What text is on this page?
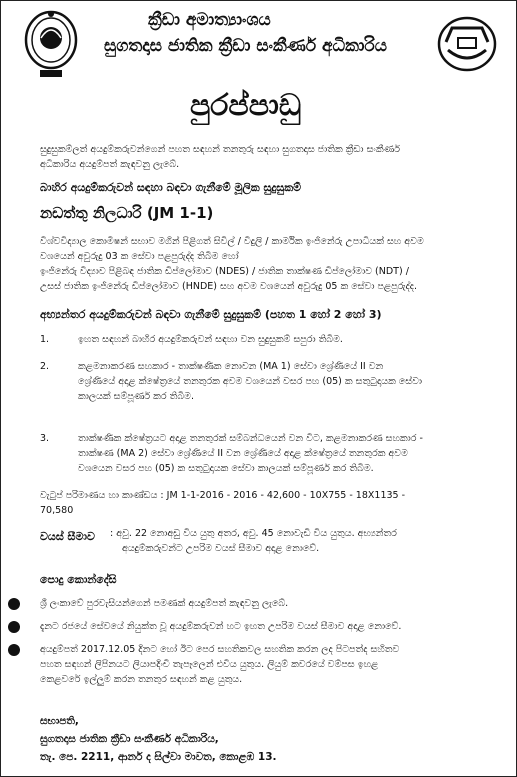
ක්‍රීඩා අමාත්‍යාංශය
සුගතදාස ජාතික ක්‍රීඩා සංකීර්ණ අධිකාරිය
පුරප්පාඩු
සුදුසුකම්ලත් අයදුම්කරුවන්ගෙන් පහත සඳහන් තනතුරු සඳහා සුගතදාස ජාතික ක්‍රීඩා සංකීර්ණ
අධිකාරිය අයදුම්පත් කැඳවනු ලැබේ.
බාහිර අයදුම්කරුවන් සඳහා බඳවා ගැනීමේ මූලික සුදුසුකම්
නඩත්තු නිලධාරි (JM 1-1)
විශ්වවිද්‍යාල කොමිෂන් සභාව මගින් පිළිගත් සිවිල් / විදුලි / කාර්මික ඉංජිනේරු උපාධියක් සහ අවම
වශයෙන් අවුරුදු 03 ක සේවා පළපුරුද්ද තිබීම හෝ
ඉංජිනේරු විද්‍යාව පිළිබඳ ජාතික ඩිප්ලෝමාව (NDES) / ජාතික තාක්ෂණ ඩිප්ලෝමාව (NDT) /
උසස් ජාතික ඉංජිනේරු ඩිප්ලෝමාව (HNDE) සහ අවම වශයෙන් අවුරුදු 05 ක සේවා පළපුරුද්ද.
අභ්‍යන්තර අයදුම්කරුවන් බඳවා ගැනීමේ සුදුසුකම් (පහත 1 හෝ 2 හෝ 3)
1.	ඉහත සඳහන් බාහිර අයදුම්කරුවන් සඳහා වන සුදුසුකම් සපුරා තිබීම.
2.	කළමනාකරණ සහකාර - තාක්ෂණික නොවන (MA 1) සේවා ශ්‍රේණියේ II වන
ශ්‍රේණියේ අදාළ ක්ෂේත්‍රයේ තනතුරක අවම වශයෙන් වසර පහ (05) ක සතුටුදායක සේවා
කාලයක් සම්පූර්ණ කර තිබීම.
3.	තාක්ෂණික ක්ෂේත්‍රයට අදාළ තනතුරක් සම්බන්ධයෙන් වන විට, කළමනාකරණ සහකාර -
තාක්ෂණ (MA 2) සේවා ශ්‍රේණියේ II වන ශ්‍රේණියේ අදාළ ක්ෂේත්‍රයේ තනතුරක අවම
වශයෙන වසර පහ (05) ක සතුටුදායක සේවා කාලයක් සම්පූර්ණ කර තිබීම.
වැටුප් පරිමාණය හා කාණ්ඩය : JM 1-1-2016 - 2016 - 42,600 - 10X755 - 18X1135 -
70,580
වයස් සීමාව : අවු. 22 නොඅඩු විය යුතු අතර, අවු. 45 නොවැඩි විය යුතුය. අභ්‍යන්තර
අයදුම්කරුවන්ට උපරිම වයස් සීමාව අදාළ නොවේ.
පොදු කොන්දේසි
ශ්‍රී ලංකාවේ පුරවැසියන්ගෙන් පමණක් අයදුම්පත් කැඳවනු ලැබේ.
දැනට රජයේ සේවයේ නියුක්ත වූ අයදුම්කරුවන් හට ඉහත උපරිම වයස් සීමාව අදාළ නොවේ.
අයදුම්පත් 2017.12.05 දිනට හෝ ඊට පෙර සහතිකවල සහතික කරන ලද පිටපත්ද සහිතව
පහත සඳහන් ලිපිනයට ලියාපදිංචි තැපෑලෙන් එවිය යුතුය. ලියුම් කවරයේ වම්පස ඉහළ
කෙළවරේ ඉල්ලුම් කරන තනතුර සඳහන් කළ යුතුය.
සභාපති,
සුගතදාස ජාතික ක්‍රීඩා සංකීර්ණ අධිකාරිය,
තැ. පෙ. 2211, ආනර් ද සිල්වා මාවත, කොළඹ 13.
